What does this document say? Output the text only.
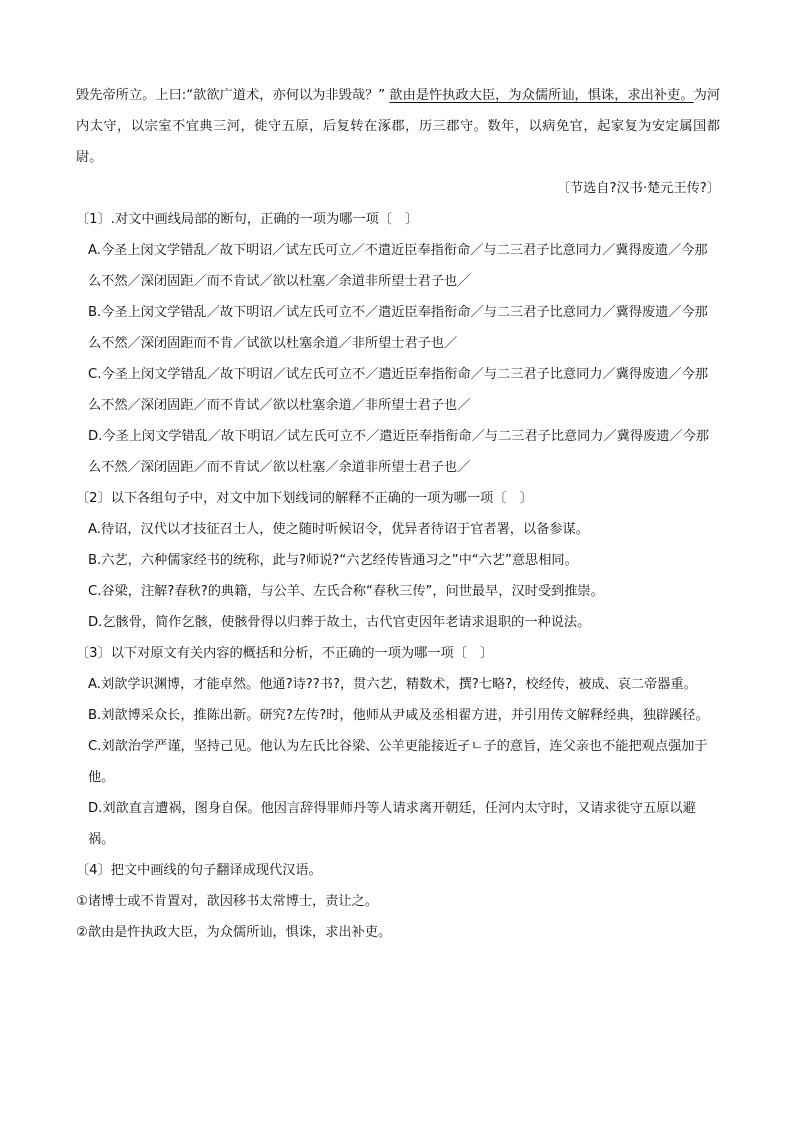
毁先帝所立。上曰:“歆欲广道术，亦何以为非毁哉？” 歆由是忤执政大臣，为众儒所讪，惧诛，求出补吏。为河内太守，以宗室不宜典三河，徙守五原，后复转在涿郡，历三郡守。数年，以病免官，起家复为安定属国都尉。

〔节选自?汉书·楚元王传?〕

〔1〕.对文中画线局部的断句，正确的一项为哪一项〔　〕

A.今圣上闵文学错乱／故下明诏／试左氏可立／不遣近臣奉指衔命／与二三君子比意同力／冀得废遗／今那么不然／深闭固距／而不肯试／欲以杜塞／余道非所望士君子也／

B.今圣上闵文学错乱／故下明诏／试左氏可立不／遣近臣奉指衔命／与二三君子比意同力／冀得废遗／今那么不然／深闭固距而不肯／试欲以杜塞余道／非所望士君子也／

C.今圣上闵文学错乱／故下明诏／试左氏可立不／遣近臣奉指衔命／与二三君子比意同力／冀得废遗／今那么不然／深闭固距／而不肯试／欲以杜塞余道／非所望士君子也／

D.今圣上闵文学错乱／故下明诏／试左氏可立不／遣近臣奉指衔命／与二三君子比意同力／冀得废遗／今那么不然／深闭固距／而不肯试／欲以杜塞／余道非所望士君子也／

〔2〕以下各组句子中，对文中加下划线词的解释不正确的一项为哪一项〔　〕

A.待诏，汉代以才技征召士人，使之随时听候诏令，优异者待诏于官者署，以备参谋。

B.六艺，六种儒家经书的统称，此与?师说?“六艺经传皆通习之”中“六艺”意思相同。

C.谷梁，注解?春秋?的典籍，与公羊、左氏合称“春秋三传”，问世最早，汉时受到推崇。

D.乞骸骨，简作乞骸，使骸骨得以归葬于故土，古代官吏因年老请求退职的一种说法。

〔3〕以下对原文有关内容的概括和分析，不正确的一项为哪一项〔　〕

A.刘歆学识渊博，才能卓然。他通?诗??书?，贯六艺，精数术，撰?七略?，校经传，被成、哀二帝器重。

B.刘歆博采众长，推陈出新。研究?左传?时，他师从尹咸及丞相翟方进，并引用传文解释经典，独辟蹊径。

C.刘歆治学严谨，坚持己见。他认为左氏比谷梁、公羊更能接近孑ㄴ子的意旨，连父亲也不能把观点强加于他。

D.刘歆直言遭祸，图身自保。他因言辞得罪师丹等人请求离开朝廷，任河内太守时，又请求徙守五原以避祸。

〔4〕把文中画线的句子翻译成现代汉语。

①诸博士或不肯置对，歆因移书太常博士，责让之。

②歆由是忤执政大臣，为众儒所讪，惧诛，求出补吏。
